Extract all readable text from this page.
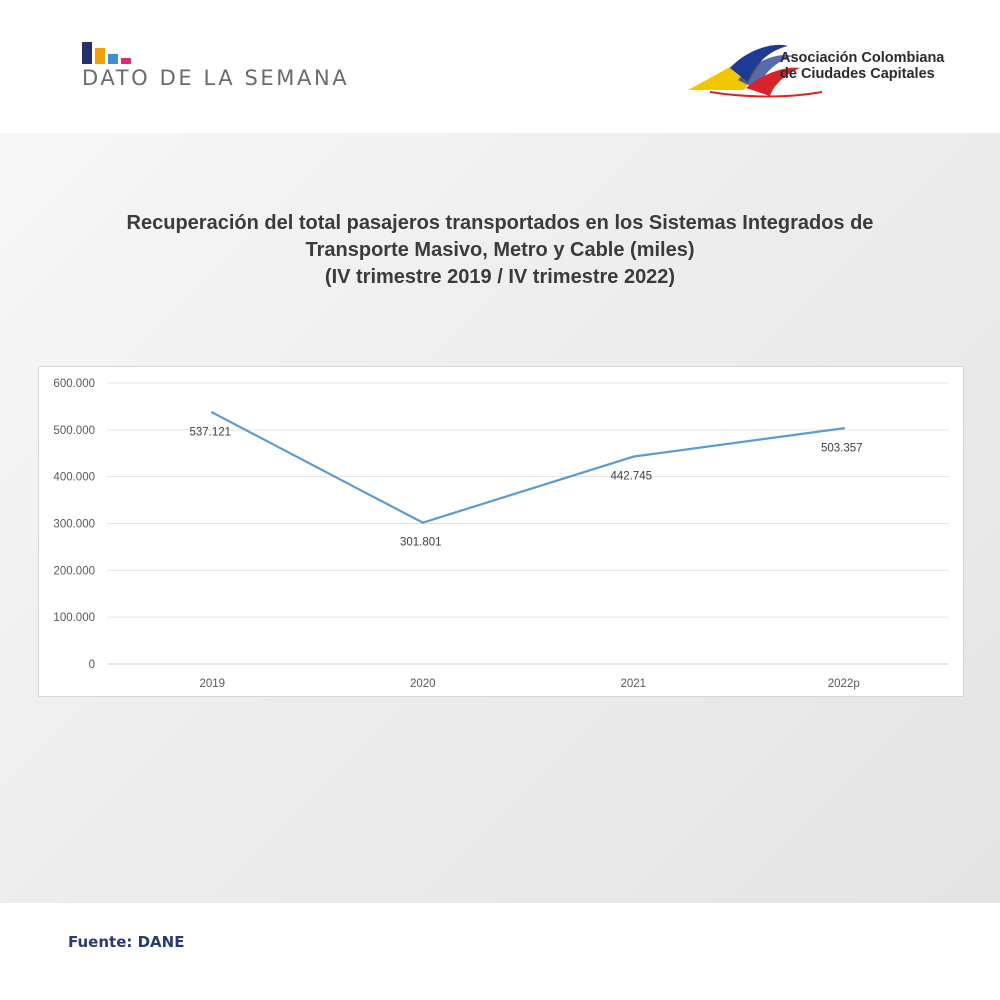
DATO DE LA SEMANA
Asociación Colombiana
de Ciudades Capitales
Recuperación del total pasajeros transportados en los Sistemas Integrados de
Transporte Masivo, Metro y Cable (miles)
(IV trimestre 2019 / IV trimestre 2022)
0
100.000
200.000
300.000
400.000
500.000
600.000
2019	2020	2021	2022p
537.121
301.801
442.745
503.357
Fuente: DANE
